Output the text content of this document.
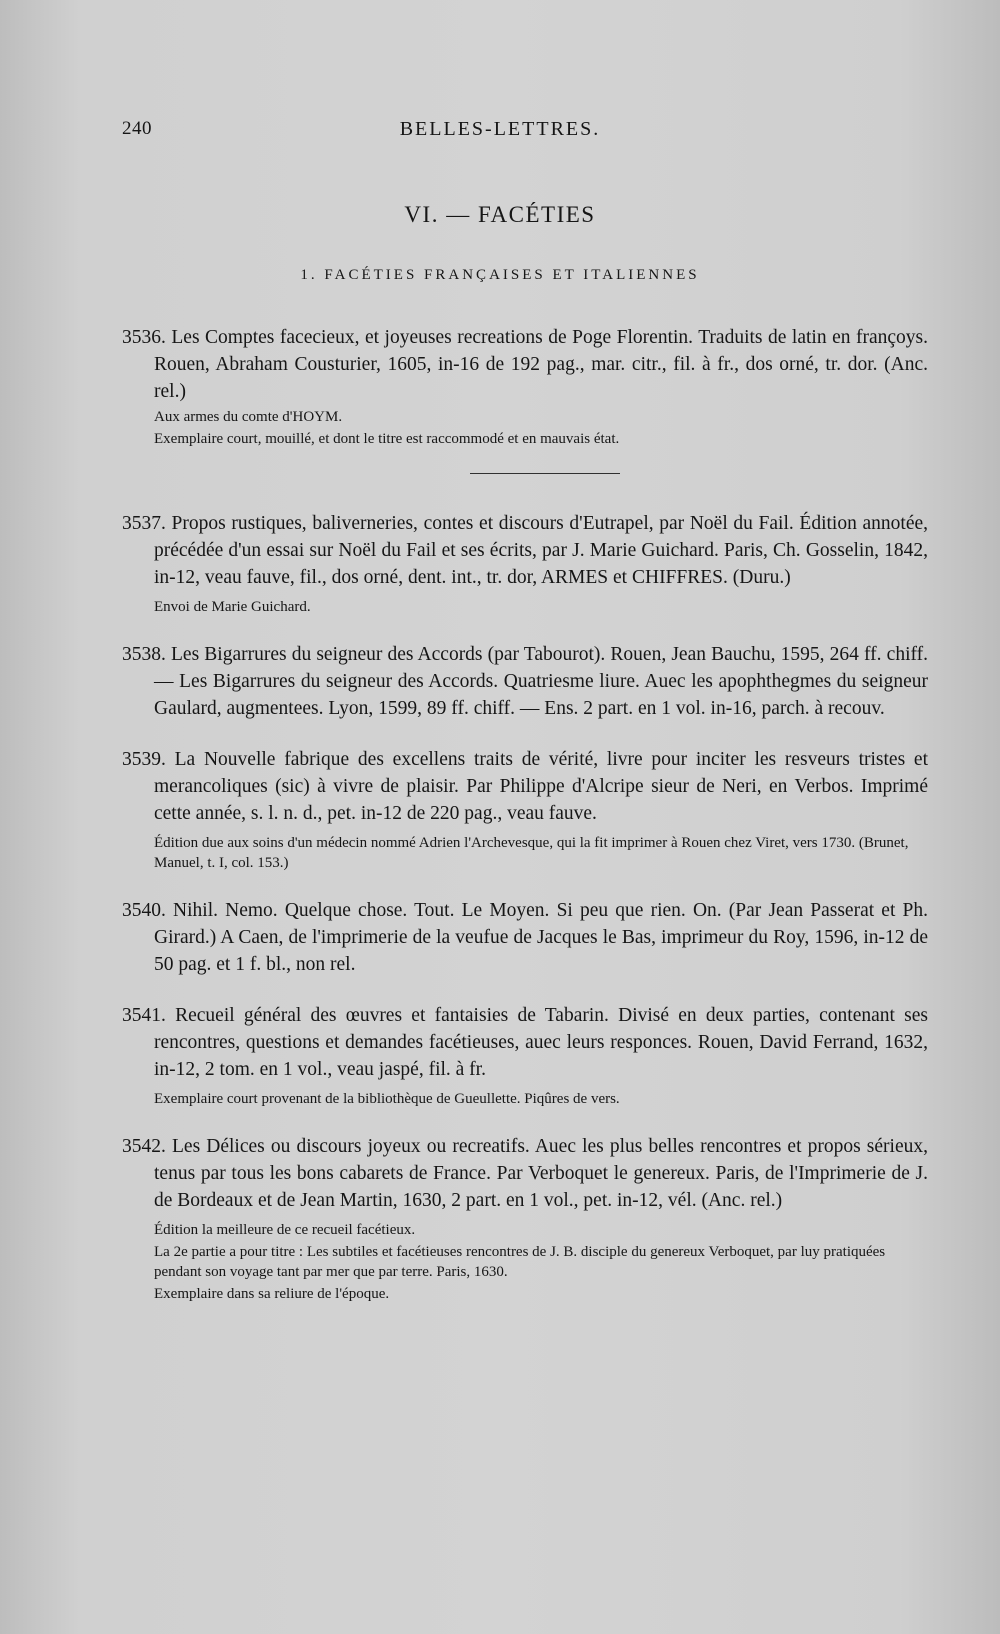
240	BELLES-LETTRES.
VI. — FACÉTIES
1. FACÉTIES FRANÇAISES ET ITALIENNES

3536. Les Comptes facecieux, et joyeuses recreations de Poge Florentin. Traduits de latin en françoys. Rouen, Abraham Cousturier, 1605, in-16 de 192 pag., mar. citr., fil. à fr., dos orné, tr. dor. (Anc. rel.)

Aux armes du comte d'HOYM.

Exemplaire court, mouillé, et dont le titre est raccommodé et en mauvais état.

3537. Propos rustiques, baliverneries, contes et discours d'Eutrapel, par Noël du Fail. Édition annotée, précédée d'un essai sur Noël du Fail et ses écrits, par J. Marie Guichard. Paris, Ch. Gosselin, 1842, in-12, veau fauve, fil., dos orné, dent. int., tr. dor, ARMES et CHIFFRES. (Duru.)

Envoi de Marie Guichard.

3538. Les Bigarrures du seigneur des Accords (par Tabourot). Rouen, Jean Bauchu, 1595, 264 ff. chiff. — Les Bigarrures du seigneur des Accords. Quatriesme liure. Auec les apophthegmes du seigneur Gaulard, augmentees. Lyon, 1599, 89 ff. chiff. — Ens. 2 part. en 1 vol. in-16, parch. à recouv.

3539. La Nouvelle fabrique des excellens traits de vérité, livre pour inciter les resveurs tristes et merancoliques (sic) à vivre de plaisir. Par Philippe d'Alcripe sieur de Neri, en Verbos. Imprimé cette année, s. l. n. d., pet. in-12 de 220 pag., veau fauve.

Édition due aux soins d'un médecin nommé Adrien l'Archevesque, qui la fit imprimer à Rouen chez Viret, vers 1730. (Brunet, Manuel, t. I, col. 153.)

3540. Nihil. Nemo. Quelque chose. Tout. Le Moyen. Si peu que rien. On. (Par Jean Passerat et Ph. Girard.) A Caen, de l'imprimerie de la veufue de Jacques le Bas, imprimeur du Roy, 1596, in-12 de 50 pag. et 1 f. bl., non rel.

3541. Recueil général des œuvres et fantaisies de Tabarin. Divisé en deux parties, contenant ses rencontres, questions et demandes facétieuses, auec leurs responces. Rouen, David Ferrand, 1632, in-12, 2 tom. en 1 vol., veau jaspé, fil. à fr.

Exemplaire court provenant de la bibliothèque de Gueullette. Piqûres de vers.

3542. Les Délices ou discours joyeux ou recreatifs. Auec les plus belles rencontres et propos sérieux, tenus par tous les bons cabarets de France. Par Verboquet le genereux. Paris, de l'Imprimerie de J. de Bordeaux et de Jean Martin, 1630, 2 part. en 1 vol., pet. in-12, vél. (Anc. rel.)

Édition la meilleure de ce recueil facétieux.

La 2e partie a pour titre : Les subtiles et facétieuses rencontres de J. B. disciple du genereux Verboquet, par luy pratiquées pendant son voyage tant par mer que par terre. Paris, 1630.

Exemplaire dans sa reliure de l'époque.
